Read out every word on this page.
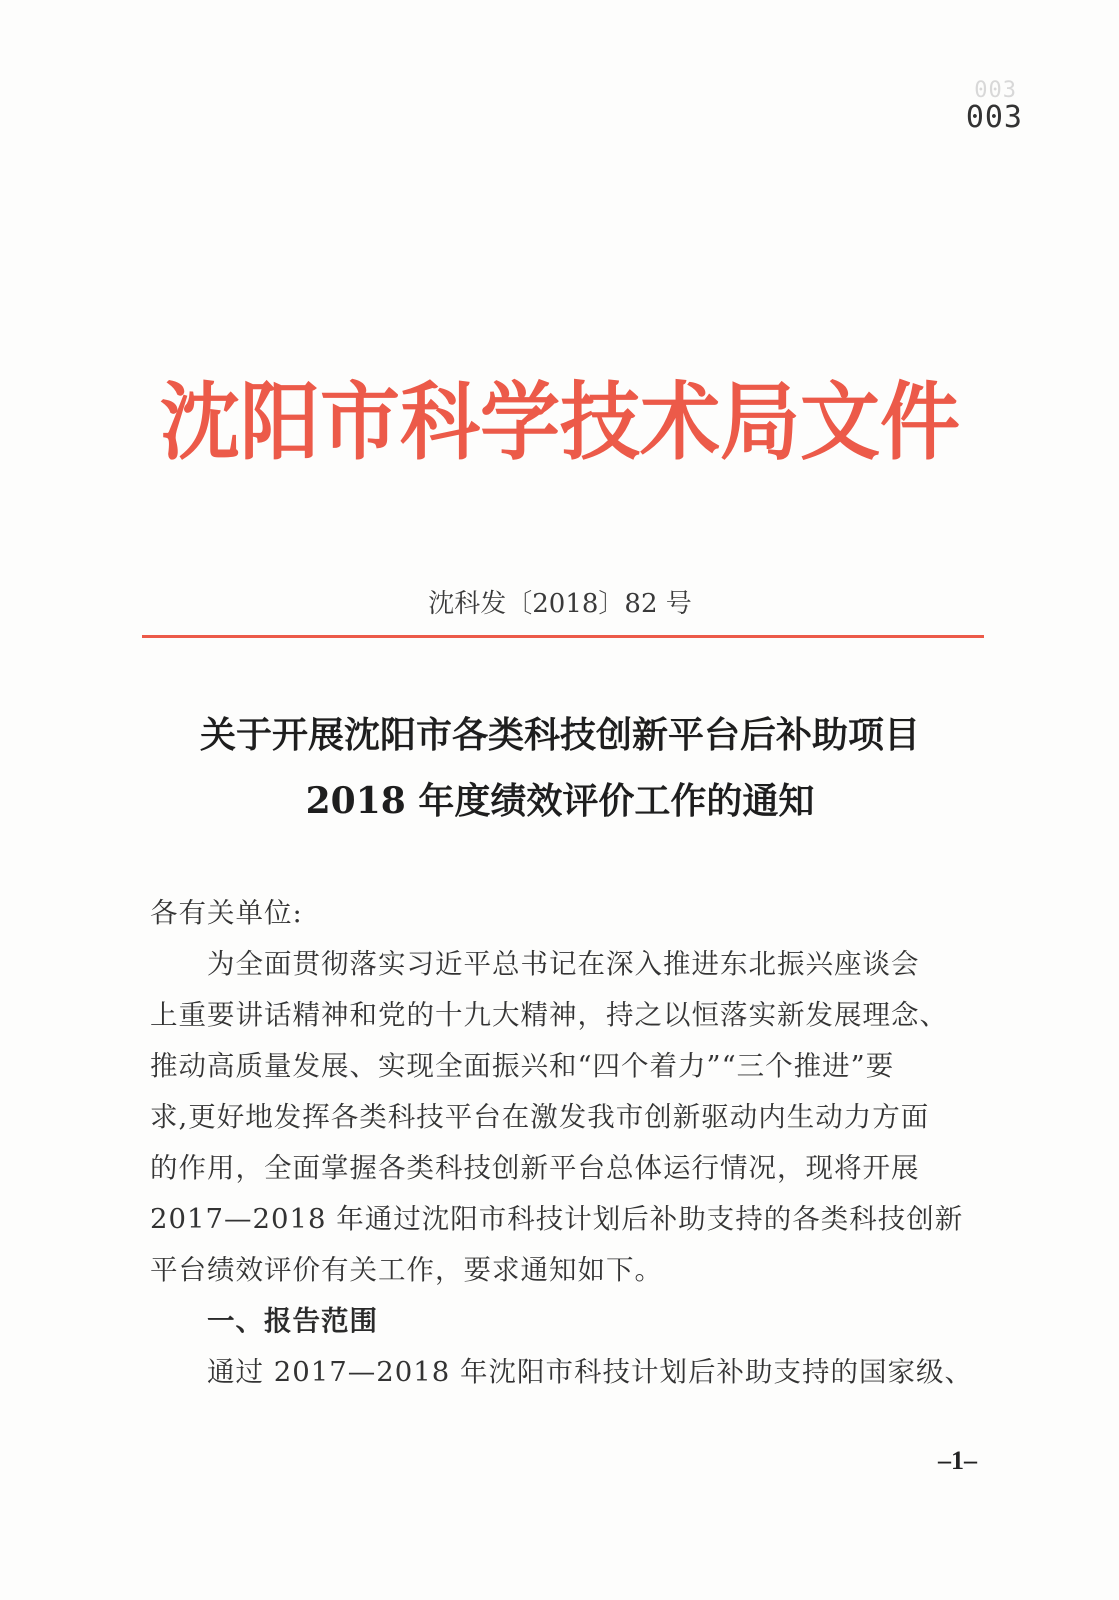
003
003
沈阳市科学技术局文件
沈科发〔2018〕82 号
关于开展沈阳市各类科技创新平台后补助项目
2018 年度绩效评价工作的通知
各有关单位:
为全面贯彻落实习近平总书记在深入推进东北振兴座谈会
上重要讲话精神和党的十九大精神，持之以恒落实新发展理念、
推动高质量发展、实现全面振兴和“四个着力”“三个推进”要
求,更好地发挥各类科技平台在激发我市创新驱动内生动力方面
的作用，全面掌握各类科技创新平台总体运行情况，现将开展
2017—2018 年通过沈阳市科技计划后补助支持的各类科技创新
平台绩效评价有关工作，要求通知如下。
一、报告范围
通过 2017—2018 年沈阳市科技计划后补助支持的国家级、
–1–
